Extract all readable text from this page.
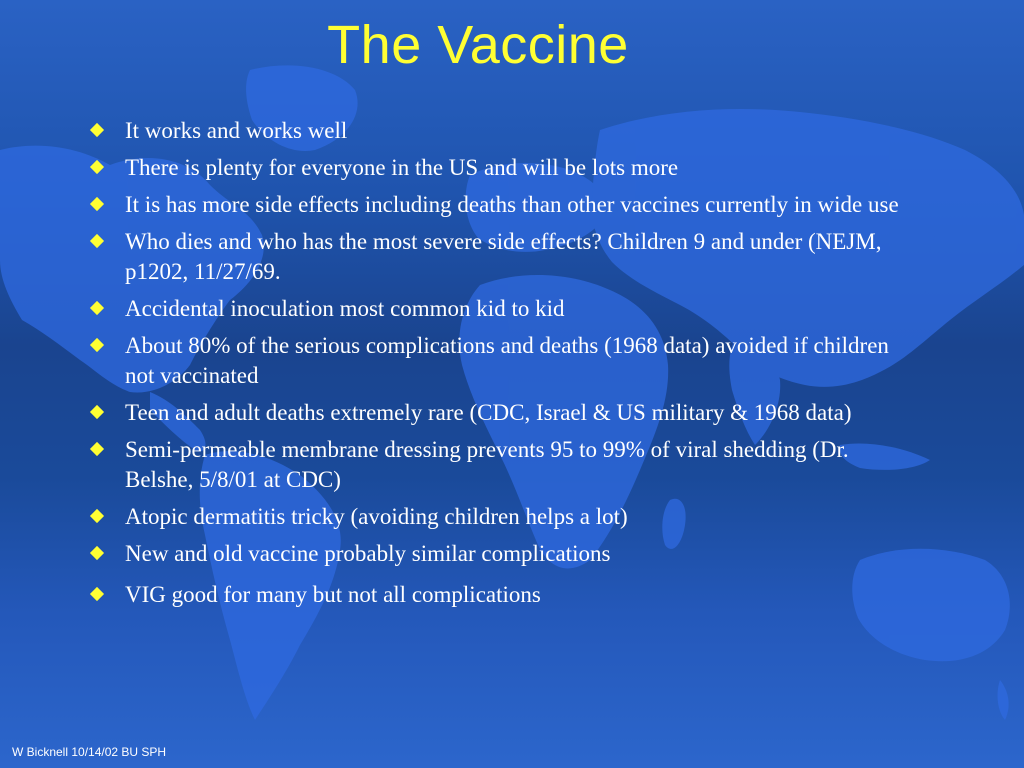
The Vaccine
It works and works well
There is plenty for everyone in the US and will be lots more
It is has more side effects including deaths than other vaccines currently in wide use
Who dies and who has the most severe side effects? Children 9 and under (NEJM, p1202, 11/27/69.
Accidental inoculation most common kid to kid
About 80% of the serious complications and deaths (1968 data) avoided if children not vaccinated
Teen and adult deaths extremely rare (CDC, Israel & US military & 1968 data)
Semi-permeable membrane dressing prevents 95 to 99% of viral shedding (Dr. Belshe, 5/8/01 at CDC)
Atopic dermatitis tricky (avoiding children helps a lot)
New and old vaccine probably similar complications
VIG good for many but not all complications
W Bicknell 10/14/02 BU SPH
